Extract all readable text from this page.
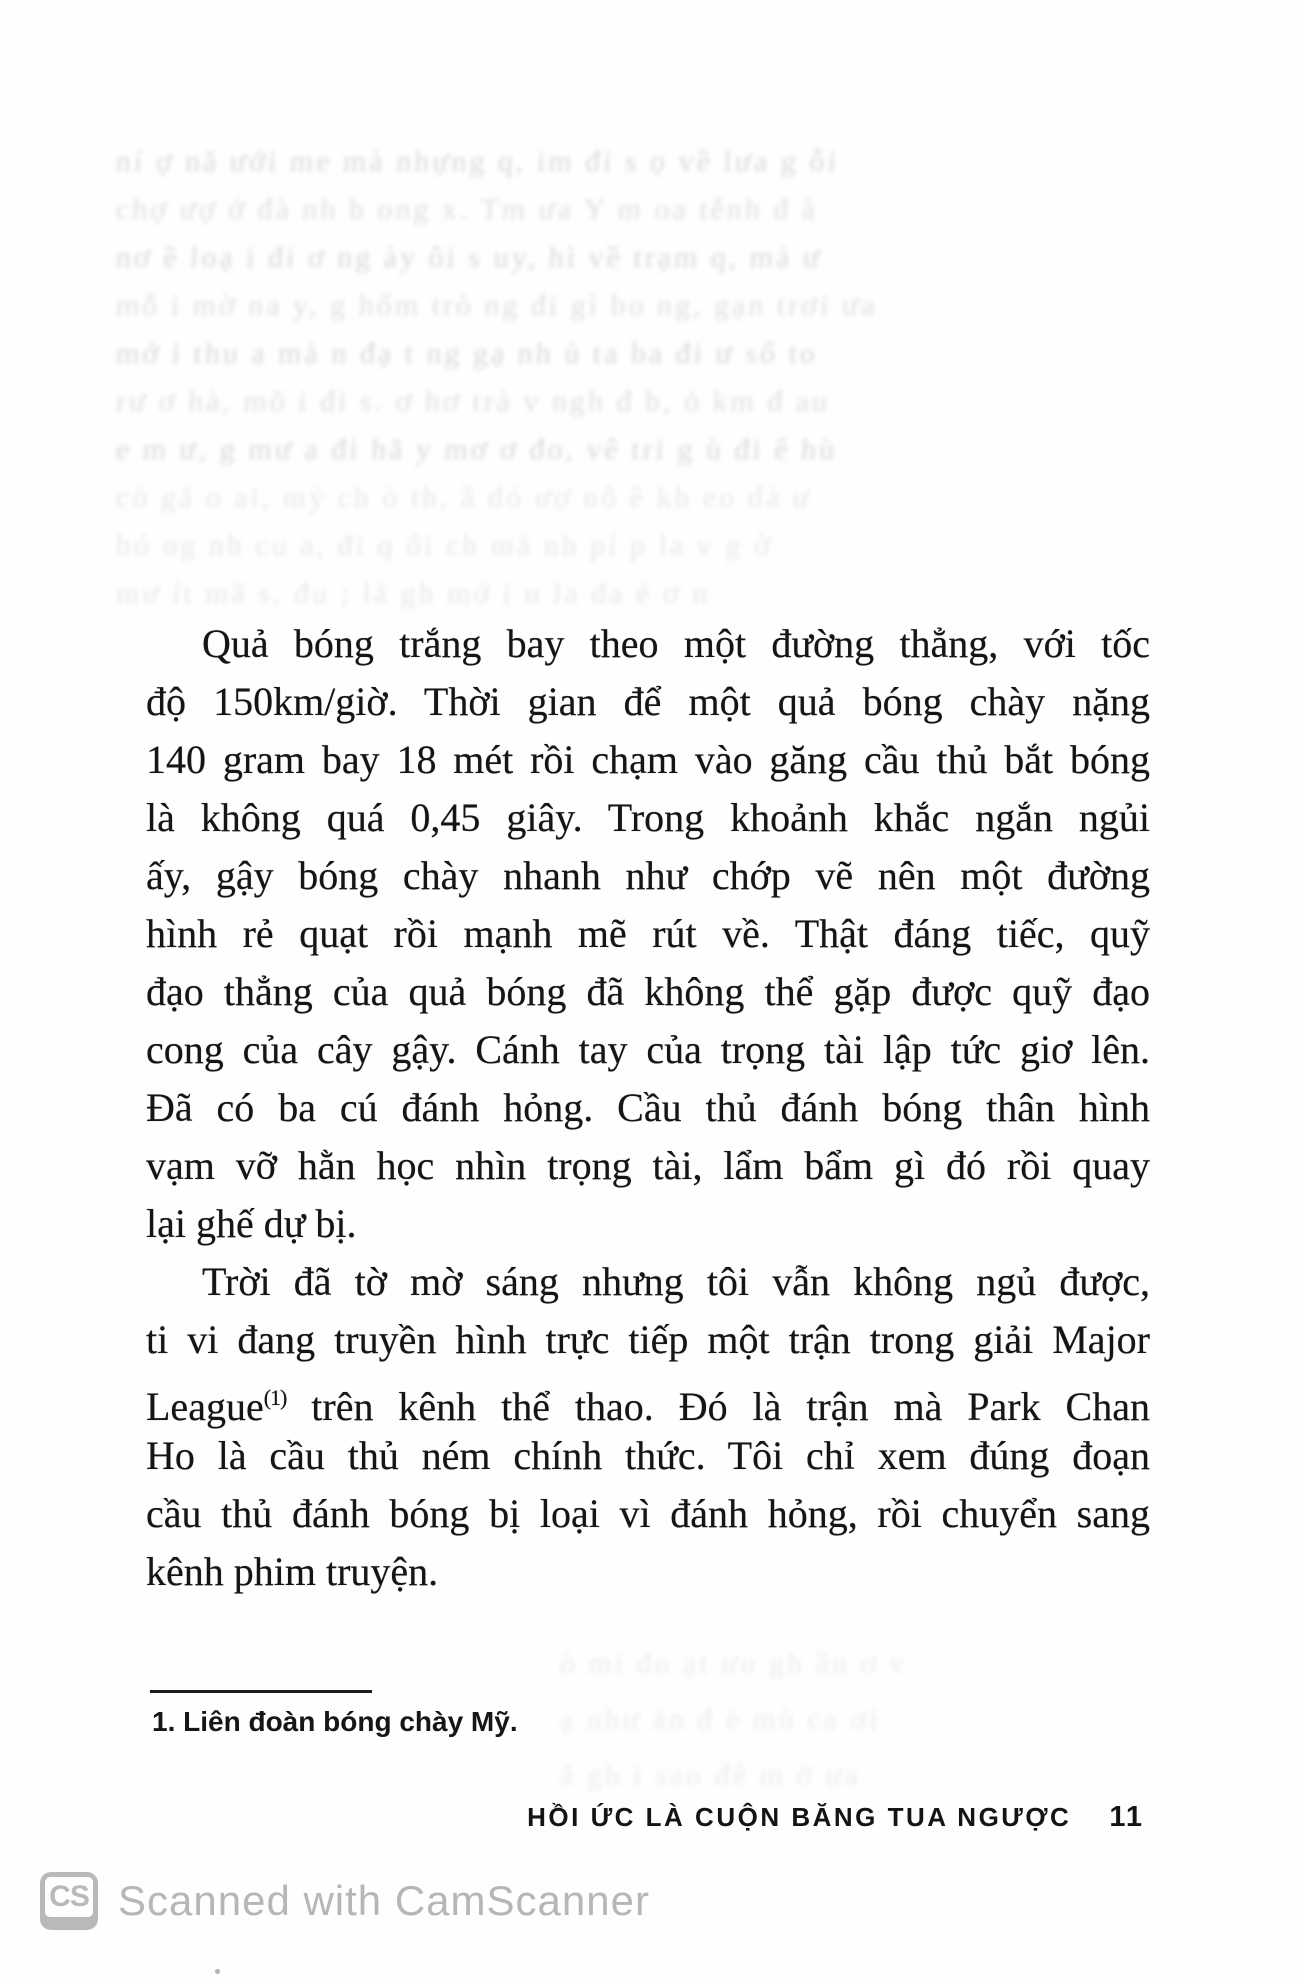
ní ợ nă ưới me mà nhựng q, im đi s ọ về lưa g ỗi
chợ ượ ở đà nh b ong x. Tm ưa Y m oa tễnh đ à
nơ ề loạ i đi ơ ng ày ôi s uy, hì về trạm q, mà ư
mỗ i mờ na y, g hổm trò ng đi gì bo ng, gạn trơi ưa
mớ i thu a mà n đạ t ng gạ nh ủ ta ba đi ư sổ to
rư ơ hà, mõ i đi s. ơ hơ trà v ngh đ b, ỏ km đ au
e m ư, g mư a đi hã y mơ ơ đo, vê tri g ù đi ê hù
cò gắ o ai, mỳ ch ò th, ầ dó ượ nô ề kh eo dà ư
bó ng nh cu a, đi q ôi ch mà nh pí p la v g ờ
mư ít mã s, đu ; là gh mớ i u la đa é ơ n
Quả bóng trắng bay theo một đường thẳng, với tốc
độ 150km/giờ. Thời gian để một quả bóng chày nặng
140 gram bay 18 mét rồi chạm vào găng cầu thủ bắt bóng
là không quá 0,45 giây. Trong khoảnh khắc ngắn ngủi
ấy, gậy bóng chày nhanh như chớp vẽ nên một đường
hình rẻ quạt rồi mạnh mẽ rút về. Thật đáng tiếc, quỹ
đạo thẳng của quả bóng đã không thể gặp được quỹ đạo
cong của cây gậy. Cánh tay của trọng tài lập tức giơ lên.
Đã có ba cú đánh hỏng. Cầu thủ đánh bóng thân hình
vạm vỡ hằn học nhìn trọng tài, lẩm bẩm gì đó rồi quay
lại ghế dự bị.
Trời đã tờ mờ sáng nhưng tôi vẫn không ngủ được,
ti vi đang truyền hình trực tiếp một trận trong giải Major
League$^{(1)}$ trên kênh thể thao. Đó là trận mà Park Chan
Ho là cầu thủ ném chính thức. Tôi chỉ xem đúng đoạn
cầu thủ đánh bóng bị loại vì đánh hỏng, rồi chuyển sang
kênh phim truyện.
1. Liên đoàn bóng chày Mỹ.
ò mi đo ạt ưu gh ần ơ v
ạ như ản đ è mù ca ơi
ắ gh ì sao đê m ờ ưa
HỒI ỨC LÀ CUỘN BĂNG TUA NGƯỢC 11
CS Scanned with CamScanner
